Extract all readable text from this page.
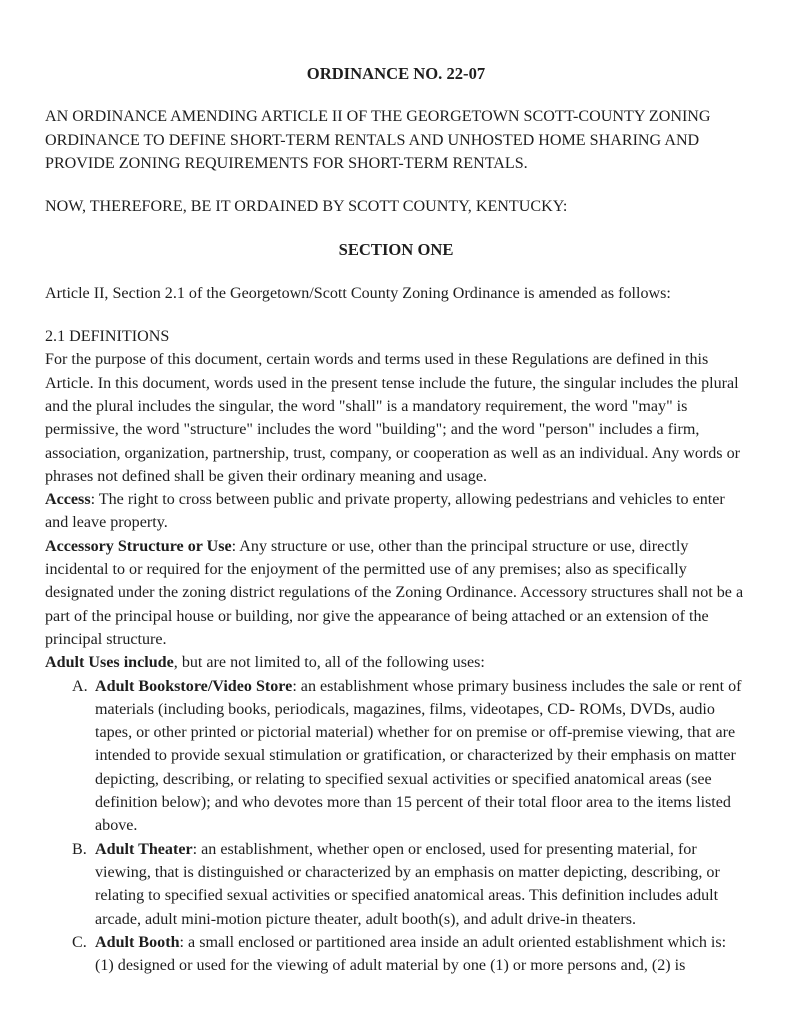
ORDINANCE NO. 22-07

AN ORDINANCE AMENDING ARTICLE II OF THE GEORGETOWN SCOTT-COUNTY ZONING ORDINANCE TO DEFINE SHORT-TERM RENTALS AND UNHOSTED HOME SHARING AND PROVIDE ZONING REQUIREMENTS FOR SHORT-TERM RENTALS.

NOW, THEREFORE, BE IT ORDAINED BY SCOTT COUNTY, KENTUCKY:

SECTION ONE

Article II, Section 2.1 of the Georgetown/Scott County Zoning Ordinance is amended as follows:

2.1 DEFINITIONS

For the purpose of this document, certain words and terms used in these Regulations are defined in this Article. In this document, words used in the present tense include the future, the singular includes the plural and the plural includes the singular, the word "shall" is a mandatory requirement, the word "may" is permissive, the word "structure" includes the word "building"; and the word "person" includes a firm, association, organization, partnership, trust, company, or cooperation as well as an individual. Any words or phrases not defined shall be given their ordinary meaning and usage.

Access: The right to cross between public and private property, allowing pedestrians and vehicles to enter and leave property.

Accessory Structure or Use: Any structure or use, other than the principal structure or use, directly incidental to or required for the enjoyment of the permitted use of any premises; also as specifically designated under the zoning district regulations of the Zoning Ordinance. Accessory structures shall not be a part of the principal house or building, nor give the appearance of being attached or an extension of the principal structure.

Adult Uses include, but are not limited to, all of the following uses:

A. Adult Bookstore/Video Store: an establishment whose primary business includes the sale or rent of materials (including books, periodicals, magazines, films, videotapes, CD- ROMs, DVDs, audio tapes, or other printed or pictorial material) whether for on premise or off-premise viewing, that are intended to provide sexual stimulation or gratification, or characterized by their emphasis on matter depicting, describing, or relating to specified sexual activities or specified anatomical areas (see definition below); and who devotes more than 15 percent of their total floor area to the items listed above.
B. Adult Theater: an establishment, whether open or enclosed, used for presenting material, for viewing, that is distinguished or characterized by an emphasis on matter depicting, describing, or relating to specified sexual activities or specified anatomical areas. This definition includes adult arcade, adult mini-motion picture theater, adult booth(s), and adult drive-in theaters.
C. Adult Booth: a small enclosed or partitioned area inside an adult oriented establishment which is: (1) designed or used for the viewing of adult material by one (1) or more persons and, (2) is
